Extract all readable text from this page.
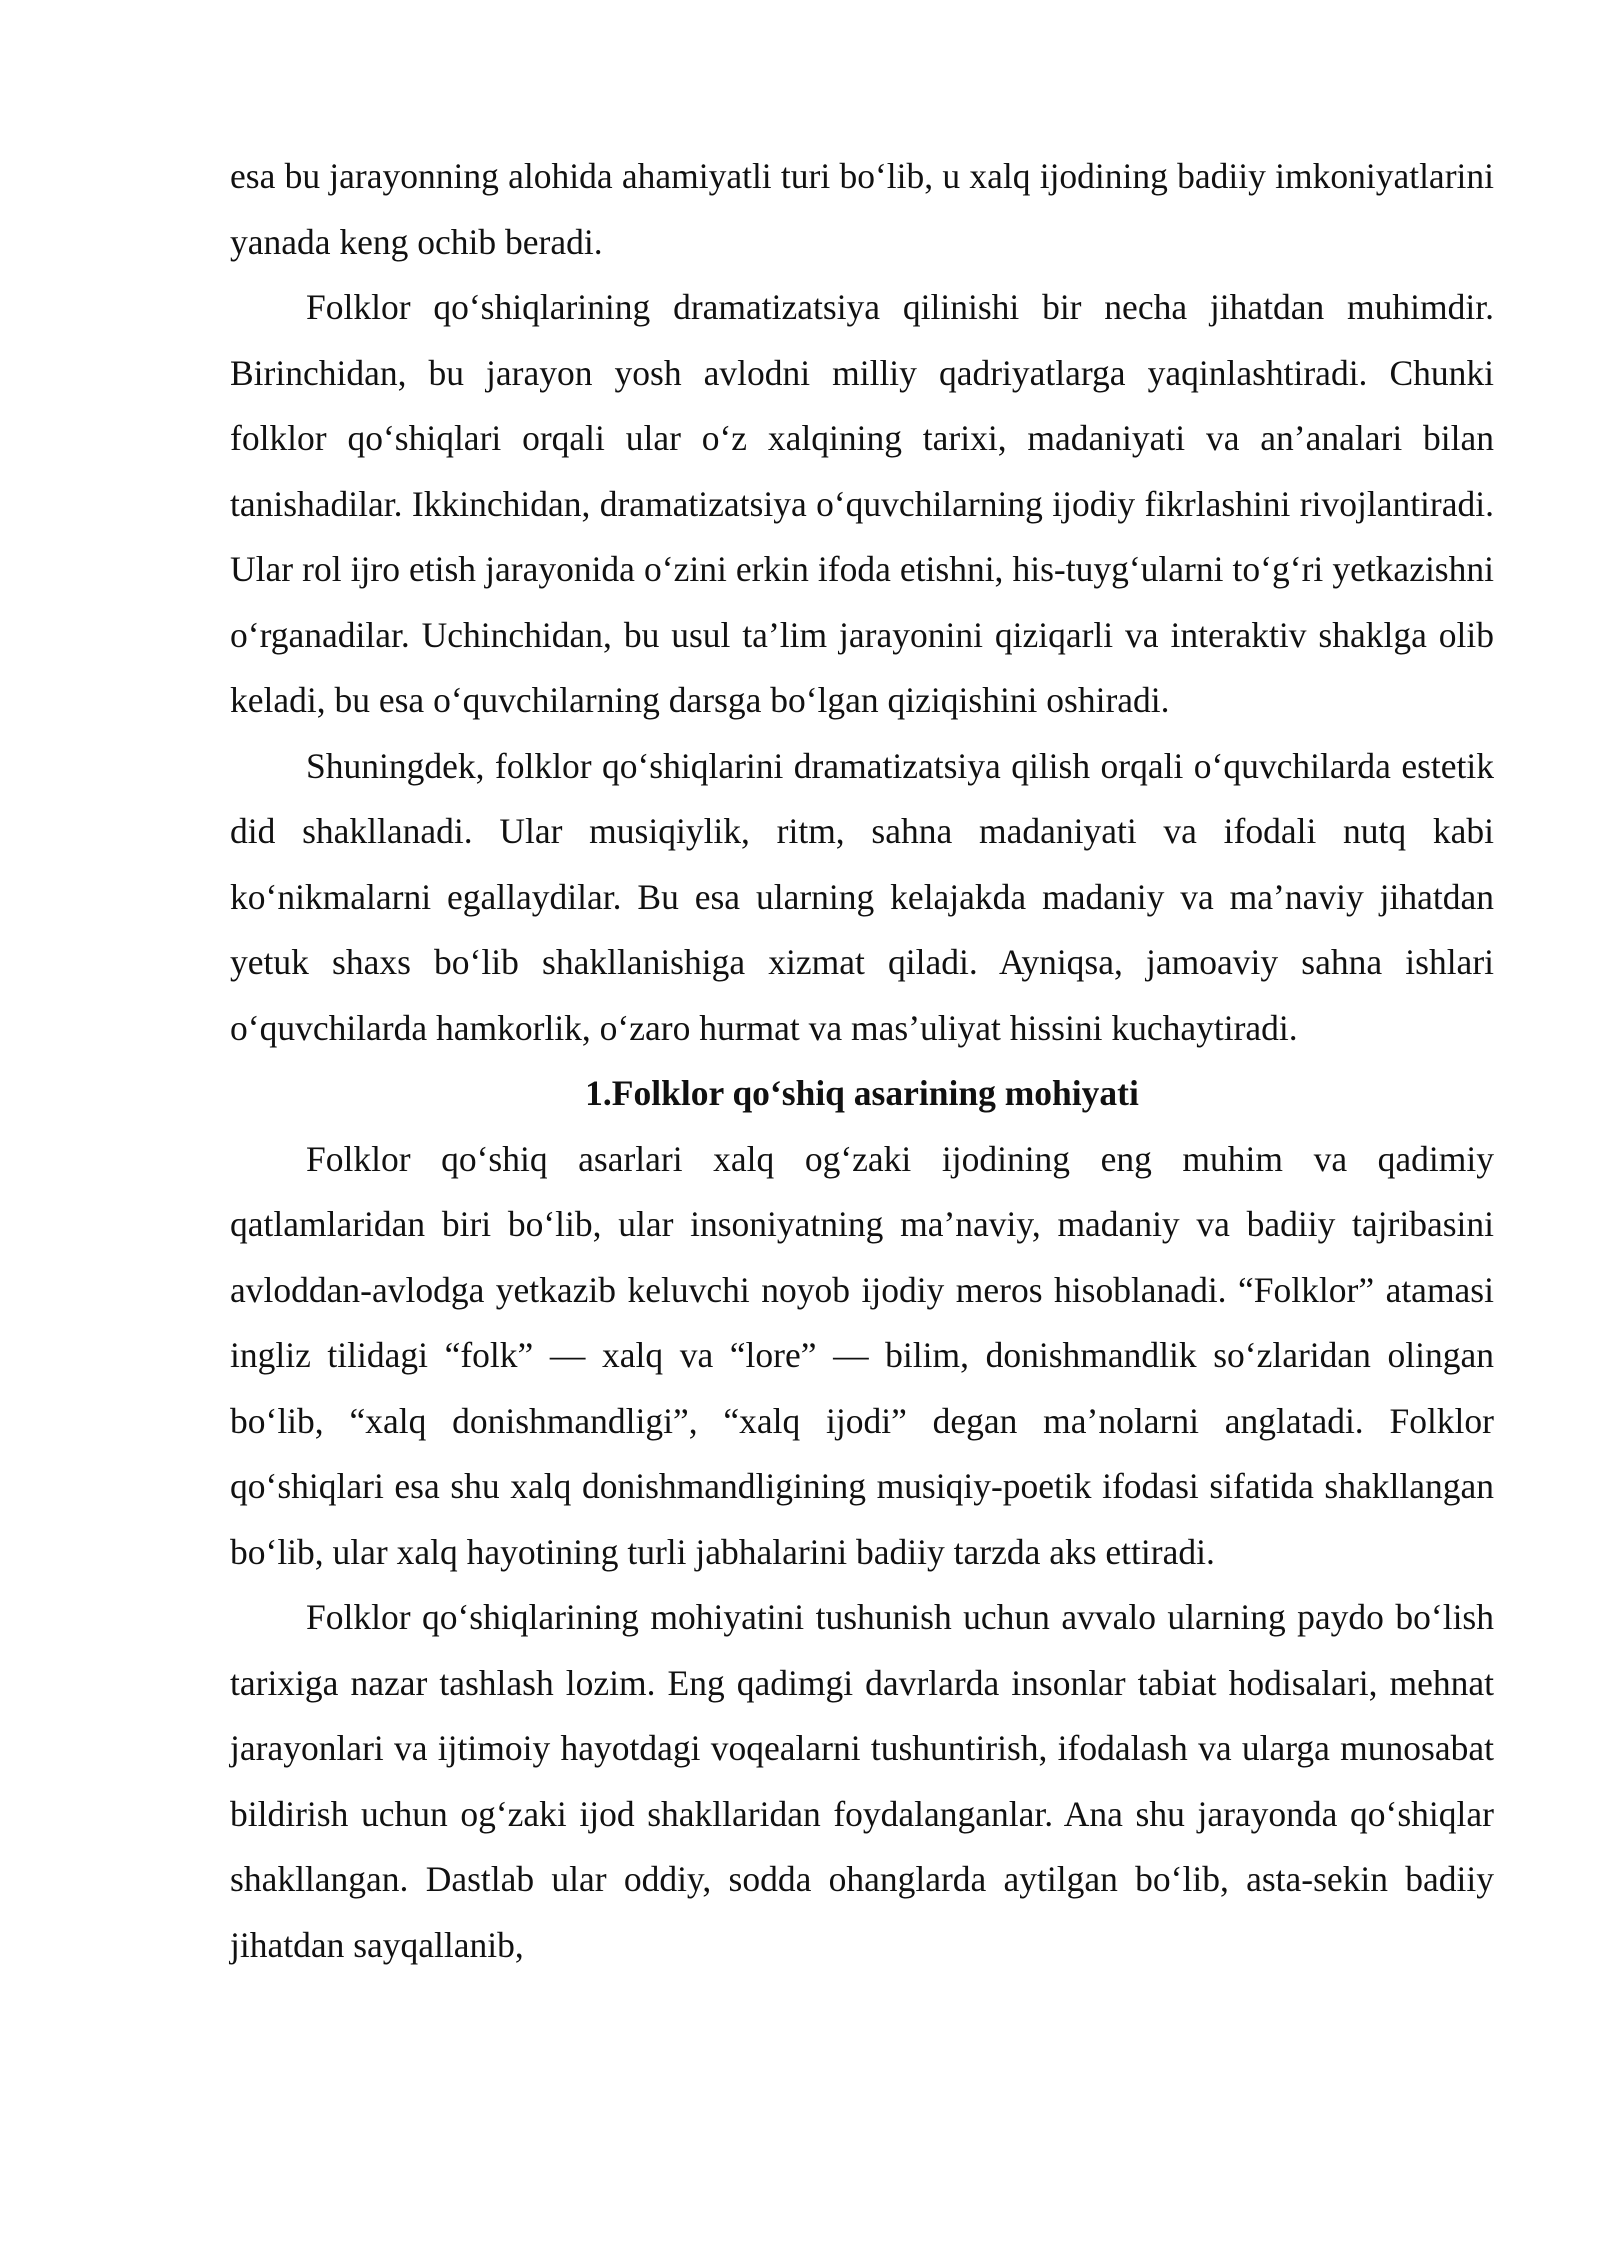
esa bu jarayonning alohida ahamiyatli turi bo‘lib, u xalq ijodining badiiy imkoniyatlarini yanada keng ochib beradi.

Folklor qo‘shiqlarining dramatizatsiya qilinishi bir necha jihatdan muhimdir. Birinchidan, bu jarayon yosh avlodni milliy qadriyatlarga yaqinlashtiradi. Chunki folklor qo‘shiqlari orqali ular o‘z xalqining tarixi, madaniyati va an’analari bilan tanishadilar. Ikkinchidan, dramatizatsiya o‘quvchilarning ijodiy fikrlashini rivojlantiradi. Ular rol ijro etish jarayonida o‘zini erkin ifoda etishni, his-tuyg‘ularni to‘g‘ri yetkazishni o‘rganadilar. Uchinchidan, bu usul ta’lim jarayonini qiziqarli va interaktiv shaklga olib keladi, bu esa o‘quvchilarning darsga bo‘lgan qiziqishini oshiradi.

Shuningdek, folklor qo‘shiqlarini dramatizatsiya qilish orqali o‘quvchilarda estetik did shakllanadi. Ular musiqiylik, ritm, sahna madaniyati va ifodali nutq kabi ko‘nikmalarni egallaydilar. Bu esa ularning kelajakda madaniy va ma’naviy jihatdan yetuk shaxs bo‘lib shakllanishiga xizmat qiladi. Ayniqsa, jamoaviy sahna ishlari o‘quvchilarda hamkorlik, o‘zaro hurmat va mas’uliyat hissini kuchaytiradi.

1.Folklor qo‘shiq asarining mohiyati

Folklor qo‘shiq asarlari xalq og‘zaki ijodining eng muhim va qadimiy qatlamlaridan biri bo‘lib, ular insoniyatning ma’naviy, madaniy va badiiy tajribasini avloddan-avlodga yetkazib keluvchi noyob ijodiy meros hisoblanadi. “Folklor” atamasi ingliz tilidagi “folk” — xalq va “lore” — bilim, donishmandlik so‘zlaridan olingan bo‘lib, “xalq donishmandligi”, “xalq ijodi” degan ma’nolarni anglatadi. Folklor qo‘shiqlari esa shu xalq donishmandligining musiqiy-poetik ifodasi sifatida shakllangan bo‘lib, ular xalq hayotining turli jabhalarini badiiy tarzda aks ettiradi.

Folklor qo‘shiqlarining mohiyatini tushunish uchun avvalo ularning paydo bo‘lish tarixiga nazar tashlash lozim. Eng qadimgi davrlarda insonlar tabiat hodisalari, mehnat jarayonlari va ijtimoiy hayotdagi voqealarni tushuntirish, ifodalash va ularga munosabat bildirish uchun og‘zaki ijod shakllaridan foydalanganlar. Ana shu jarayonda qo‘shiqlar shakllangan. Dastlab ular oddiy, sodda ohanglarda aytilgan bo‘lib, asta-sekin badiiy jihatdan sayqallanib,
